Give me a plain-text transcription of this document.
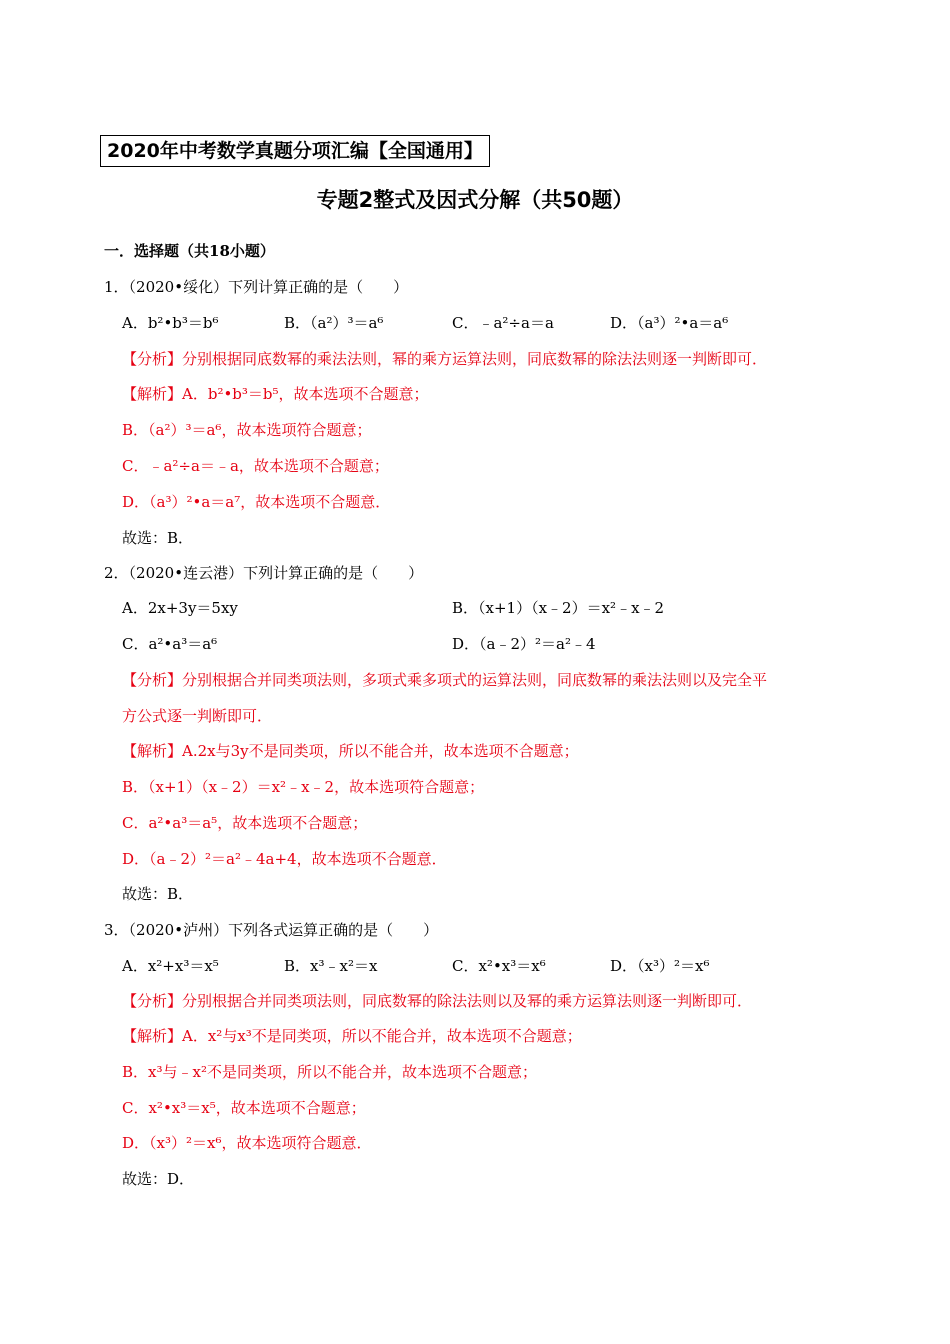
2020年中考数学真题分项汇编【全国通用】
专题2整式及因式分解（共50题）
一．选择题（共18小题）
1．（2020•绥化）下列计算正确的是（　　）
A．b²•b³＝b⁶	B．（a²）³＝a⁶	C．﹣a²÷a＝a	D．（a³）²•a＝a⁶
【分析】分别根据同底数幂的乘法法则，幂的乘方运算法则，同底数幂的除法法则逐一判断即可．
【解析】A．b²•b³＝b⁵，故本选项不合题意；
B．（a²）³＝a⁶，故本选项符合题意；
C．﹣a²÷a＝﹣a，故本选项不合题意；
D．（a³）²•a＝a⁷，故本选项不合题意．
故选：B．
2．（2020•连云港）下列计算正确的是（　　）
A．2x+3y＝5xy	B．（x+1）（x﹣2）＝x²﹣x﹣2
C．a²•a³＝a⁶	D．（a﹣2）²＝a²﹣4
【分析】分别根据合并同类项法则，多项式乘多项式的运算法则，同底数幂的乘法法则以及完全平
方公式逐一判断即可．
【解析】A.2x与3y不是同类项，所以不能合并，故本选项不合题意；
B．（x+1）（x﹣2）＝x²﹣x﹣2，故本选项符合题意；
C．a²•a³＝a⁵，故本选项不合题意；
D．（a﹣2）²＝a²﹣4a+4，故本选项不合题意．
故选：B．
3．（2020•泸州）下列各式运算正确的是（　　）
A．x²+x³＝x⁵	B．x³﹣x²＝x	C．x²•x³＝x⁶	D．（x³）²＝x⁶
【分析】分别根据合并同类项法则，同底数幂的除法法则以及幂的乘方运算法则逐一判断即可．
【解析】A．x²与x³不是同类项，所以不能合并，故本选项不合题意；
B．x³与﹣x²不是同类项，所以不能合并，故本选项不合题意；
C．x²•x³＝x⁵，故本选项不合题意；
D．（x³）²＝x⁶，故本选项符合题意．
故选：D．
